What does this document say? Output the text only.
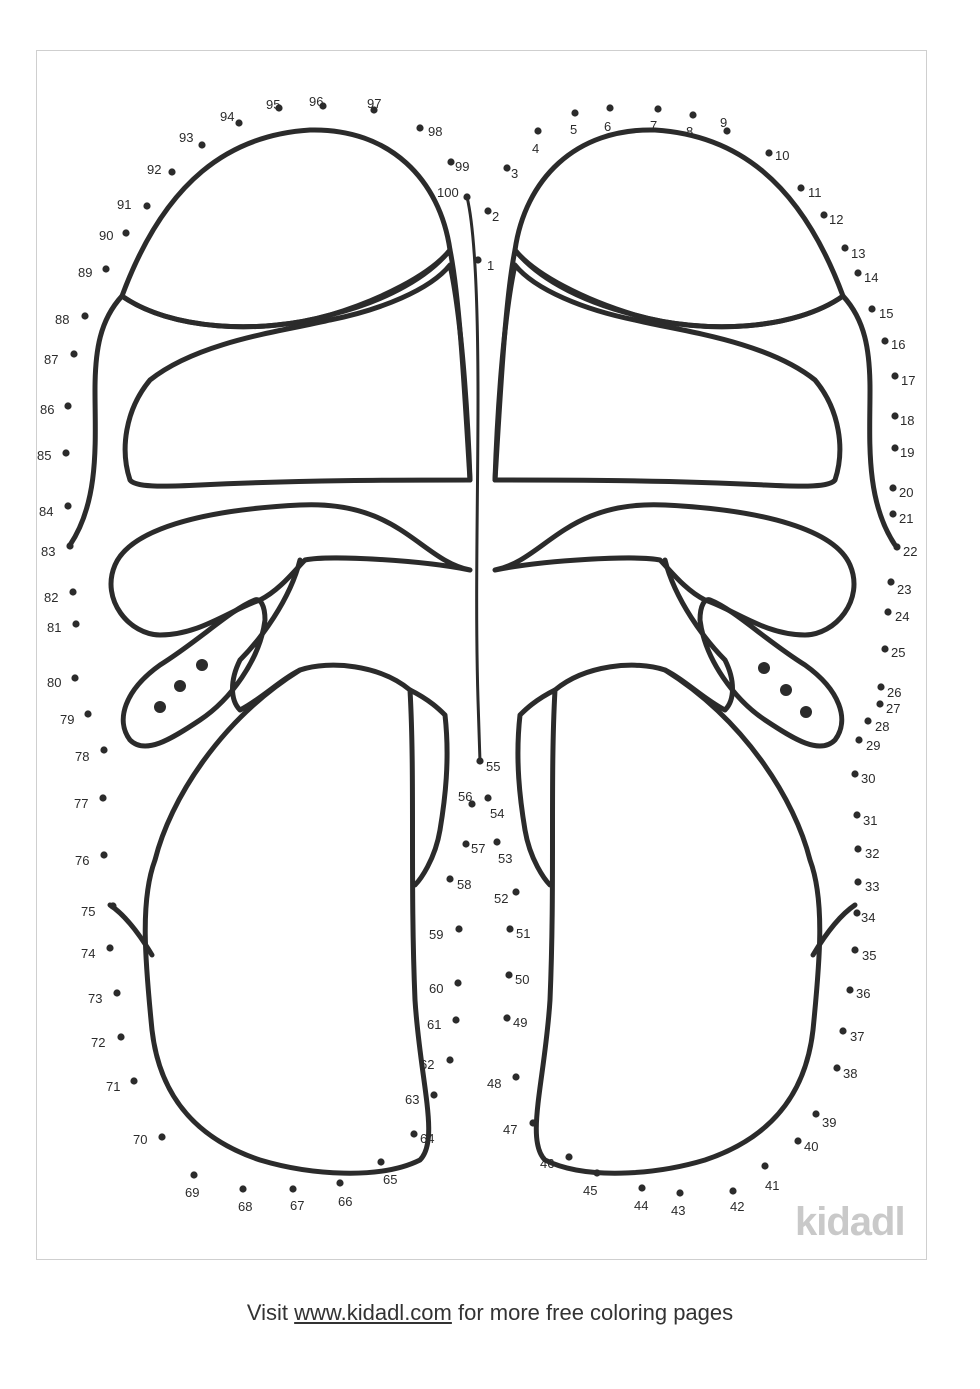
1
2
3
4
5 6	7 8
9
10
11
12
13
14
15
16
17
18
19
20
21
22
23
24
25
26
27
28
29
30
31
32
33
34
35
36
37
38
39
40
41
42
43
44
45
46
47
48
49
50
51
52
53
54
55
56
57
58
59
60
61
62
63
64
65
66
67
68
69
70
71
72
73
74
75
76
77
78
79
80
81
82
83
84
85
86
87
88
89
90
91
92
93
94
95 96	97
98
99
100
kidadl
Visit www.kidadl.com for more free coloring pages
